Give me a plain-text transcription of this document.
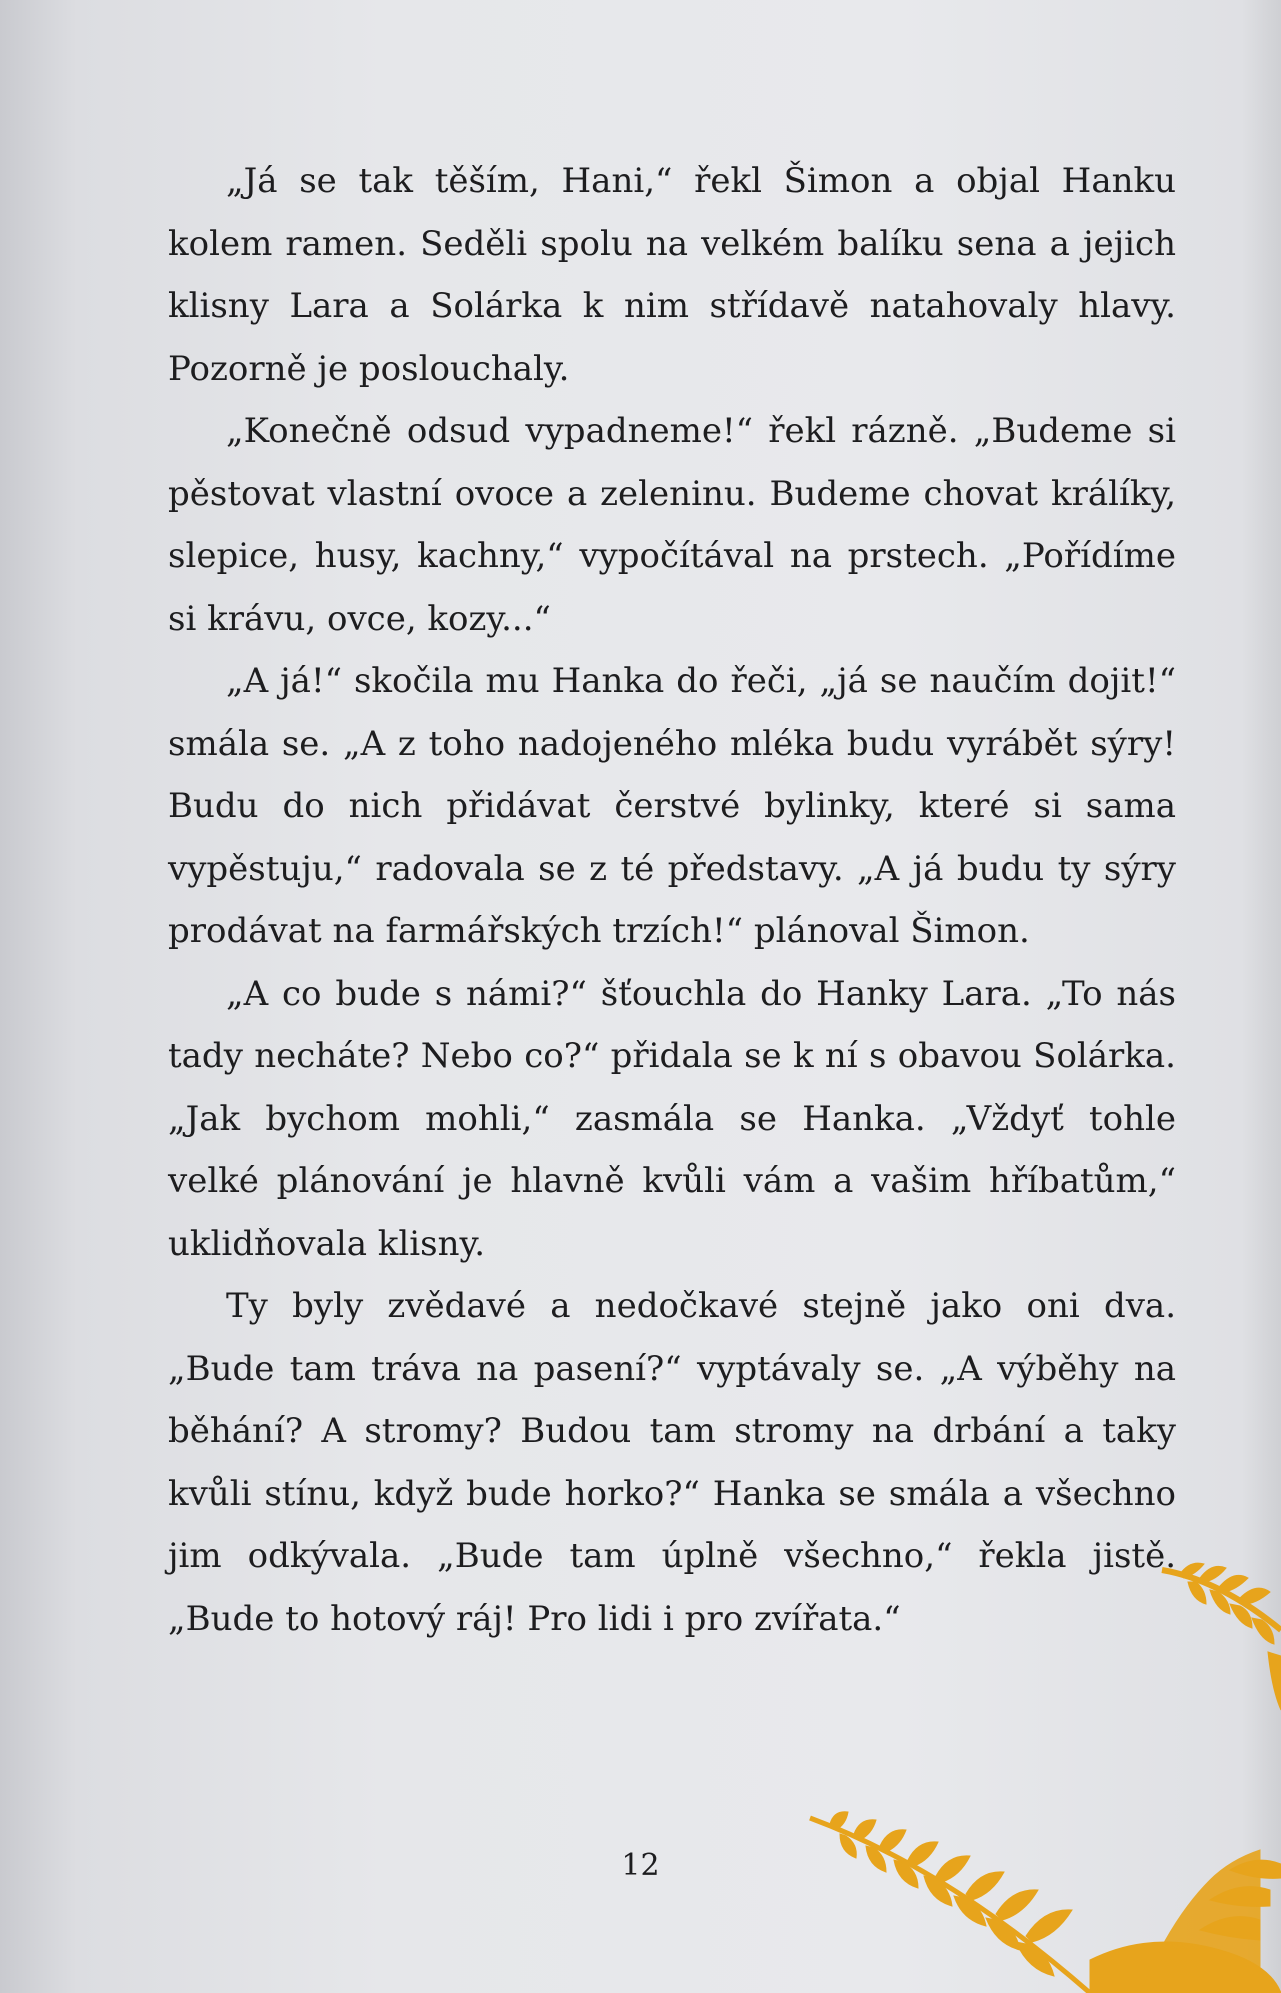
„Já se tak těším, Hani,“ řekl Šimon a objal Hanku kolem ramen. Seděli spolu na velkém balíku sena a jejich klisny Lara a Solárka k nim střídavě natahovaly hlavy. Pozorně je poslouchaly.

„Konečně odsud vypadneme!“ řekl rázně. „Budeme si pěstovat vlastní ovoce a zeleninu. Budeme chovat králíky, slepice, husy, kachny,“ vypočítával na prstech. „Pořídíme si krávu, ovce, kozy...“

„A já!“ skočila mu Hanka do řeči, „já se naučím dojit!“ smála se. „A z toho nadojeného mléka budu vyrábět sýry! Budu do nich přidávat čerstvé bylinky, které si sama vypěstuju,“ radovala se z té představy. „A já budu ty sýry prodávat na farmářských trzích!“ plánoval Šimon.

„A co bude s námi?“ šťouchla do Hanky Lara. „To nás tady necháte? Nebo co?“ přidala se k ní s obavou Solárka. „Jak bychom mohli,“ zasmála se Hanka. „Vždyť tohle velké plánování je hlavně kvůli vám a vašim hříbatům,“ uklidňovala klisny.

Ty byly zvědavé a nedočkavé stejně jako oni dva. „Bude tam tráva na pasení?“ vyptávaly se. „A výběhy na běhání? A stromy? Budou tam stromy na drbání a taky kvůli stínu, když bude horko?“ Hanka se smála a všechno jim odkývala. „Bude tam úplně všechno,“ řekla jistě. „Bude to hotový ráj! Pro lidi i pro zvířata.“

12
